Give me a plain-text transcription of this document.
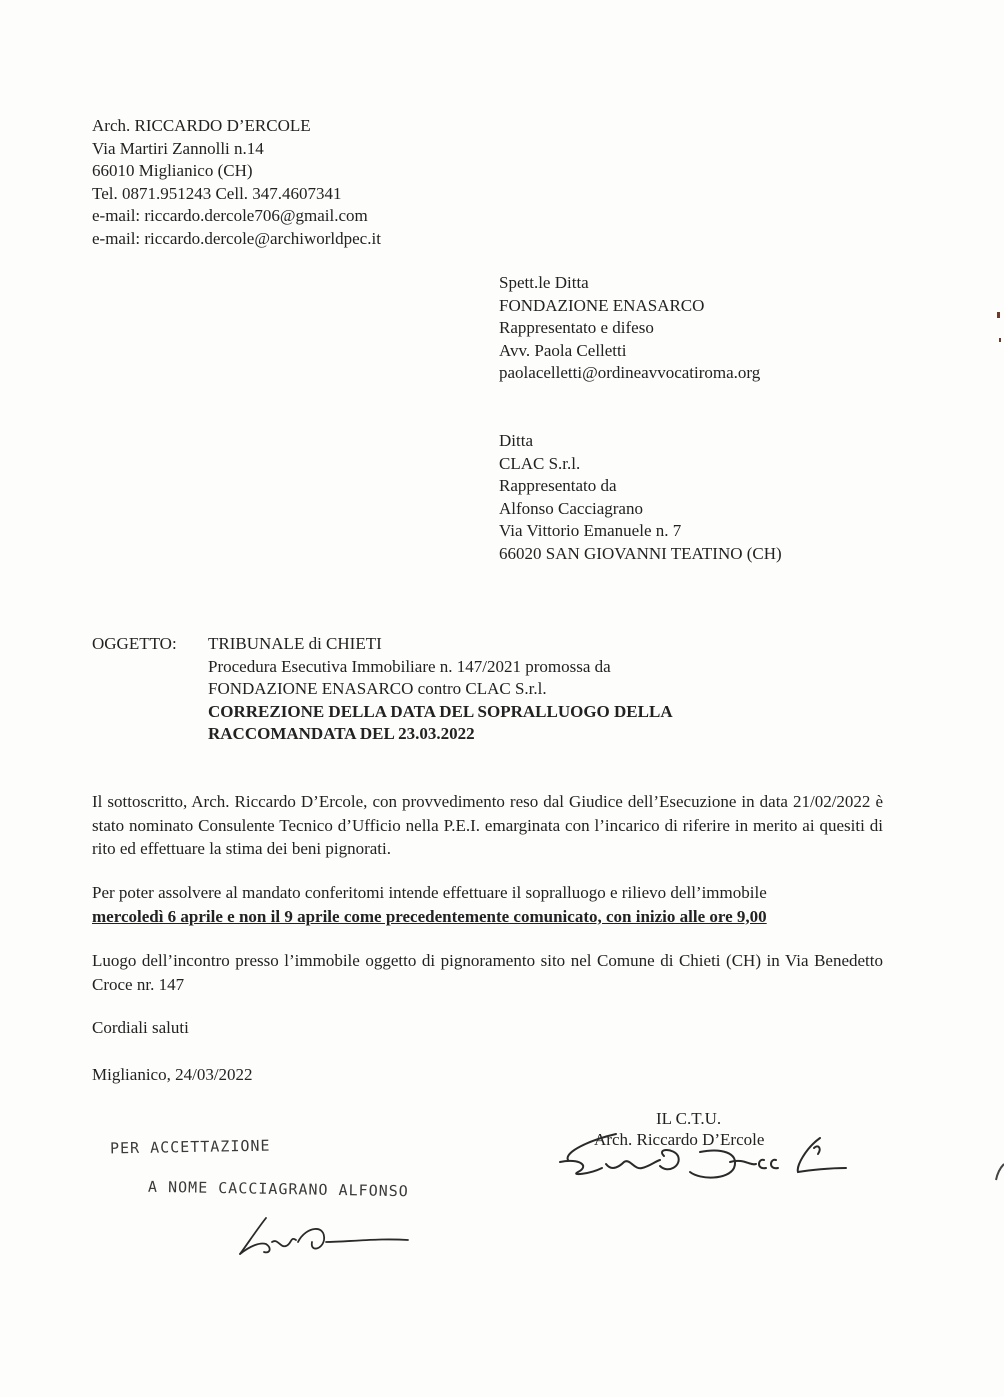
Arch. RICCARDO D’ERCOLE
Via Martiri Zannolli n.14
66010 Miglianico (CH)
Tel. 0871.951243 Cell. 347.4607341
e-mail: riccardo.dercole706@gmail.com
e-mail: riccardo.dercole@archiworldpec.it
Spett.le Ditta
FONDAZIONE ENASARCO
Rappresentato e difeso
Avv. Paola Celletti
paolacelletti@ordineavvocatiroma.org
Ditta
CLAC S.r.l.
Rappresentato da
Alfonso Cacciagrano
Via Vittorio Emanuele n. 7
66020 SAN GIOVANNI TEATINO (CH)
OGGETTO: TRIBUNALE di CHIETI
Procedura Esecutiva Immobiliare n. 147/2021 promossa da
FONDAZIONE ENASARCO contro CLAC S.r.l.
CORREZIONE DELLA DATA DEL SOPRALLUOGO DELLA
RACCOMANDATA DEL 23.03.2022
Il sottoscritto, Arch. Riccardo D’Ercole, con provvedimento reso dal Giudice dell’Esecuzione in data 21/02/2022 è stato nominato Consulente Tecnico d’Ufficio nella P.E.I. emarginata con l’incarico di riferire in merito ai quesiti di rito ed effettuare la stima dei beni pignorati.
Per poter assolvere al mandato conferitomi intende effettuare il sopralluogo e rilievo dell’immobile
mercoledì 6 aprile e non il 9 aprile come precedentemente comunicato, con inizio alle ore 9,00
Luogo dell’incontro presso l’immobile oggetto di pignoramento sito nel Comune di Chieti (CH) in Via Benedetto Croce nr. 147
Cordiali saluti
Miglianico, 24/03/2022
IL C.T.U.
Arch. Riccardo D’Ercole
PER ACCETTAZIONE
A NOME CACCIAGRANO ALFONSO
